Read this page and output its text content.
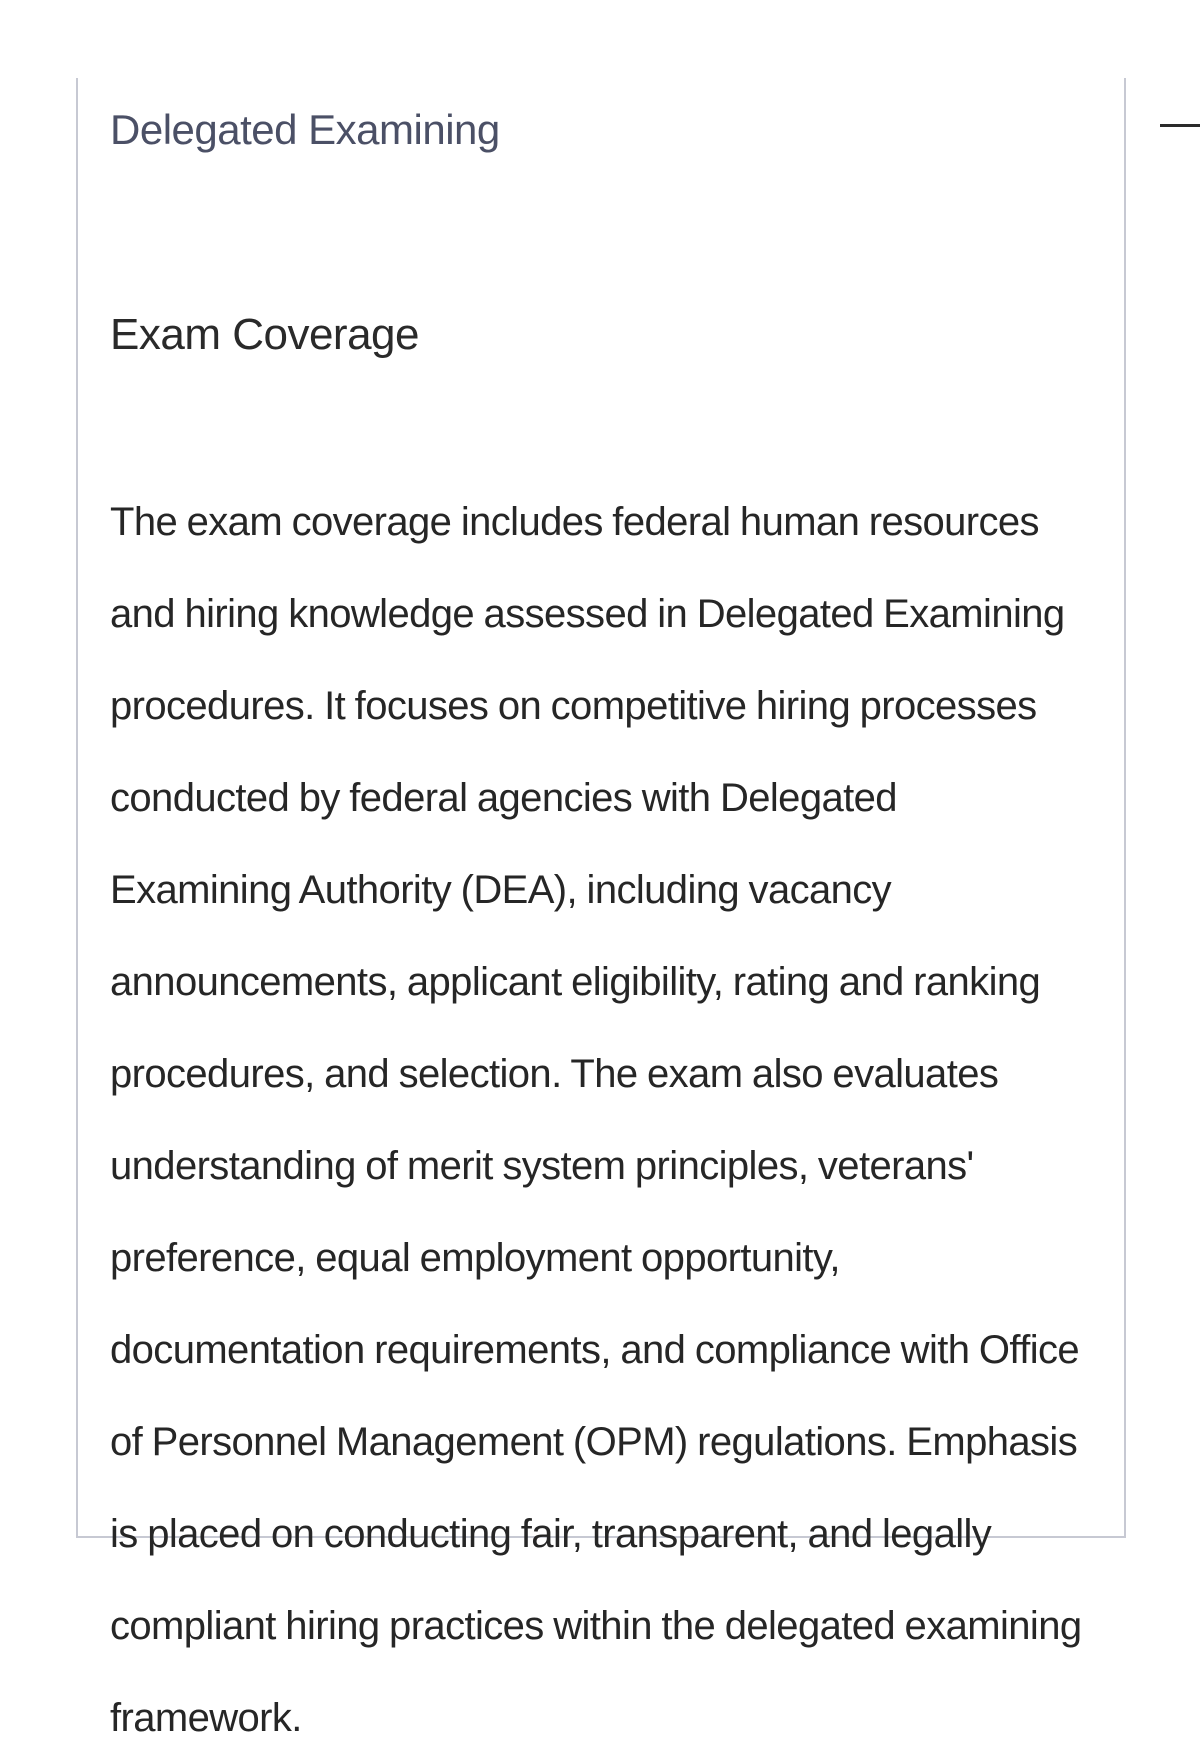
Delegated Examining
Exam Coverage

The exam coverage includes federal human resources and hiring knowledge assessed in Delegated Examining procedures. It focuses on competitive hiring processes conducted by federal agencies with Delegated Examining Authority (DEA), including vacancy announcements, applicant eligibility, rating and ranking procedures, and selection. The exam also evaluates understanding of merit system principles, veterans' preference, equal employment opportunity, documentation requirements, and compliance with Office of Personnel Management (OPM) regulations. Emphasis is placed on conducting fair, transparent, and legally compliant hiring practices within the delegated examining framework.
